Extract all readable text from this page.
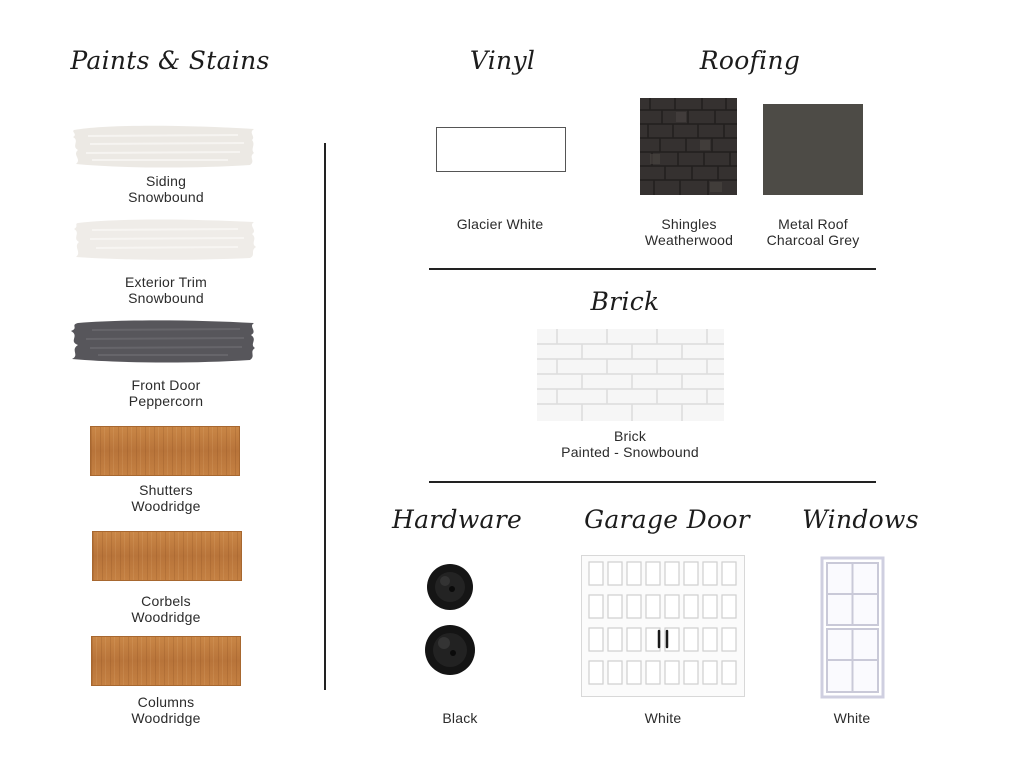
Paints & Stains
Siding
Snowbound
Exterior Trim
Snowbound
Front Door
Peppercorn
Shutters
Woodridge
Corbels
Woodridge
Columns
Woodridge
Vinyl
Glacier White
Roofing
Shingles
Weatherwood
Metal Roof
Charcoal Grey
Brick
Brick
Painted - Snowbound
Hardware
Black
Garage Door
White
Windows
White
